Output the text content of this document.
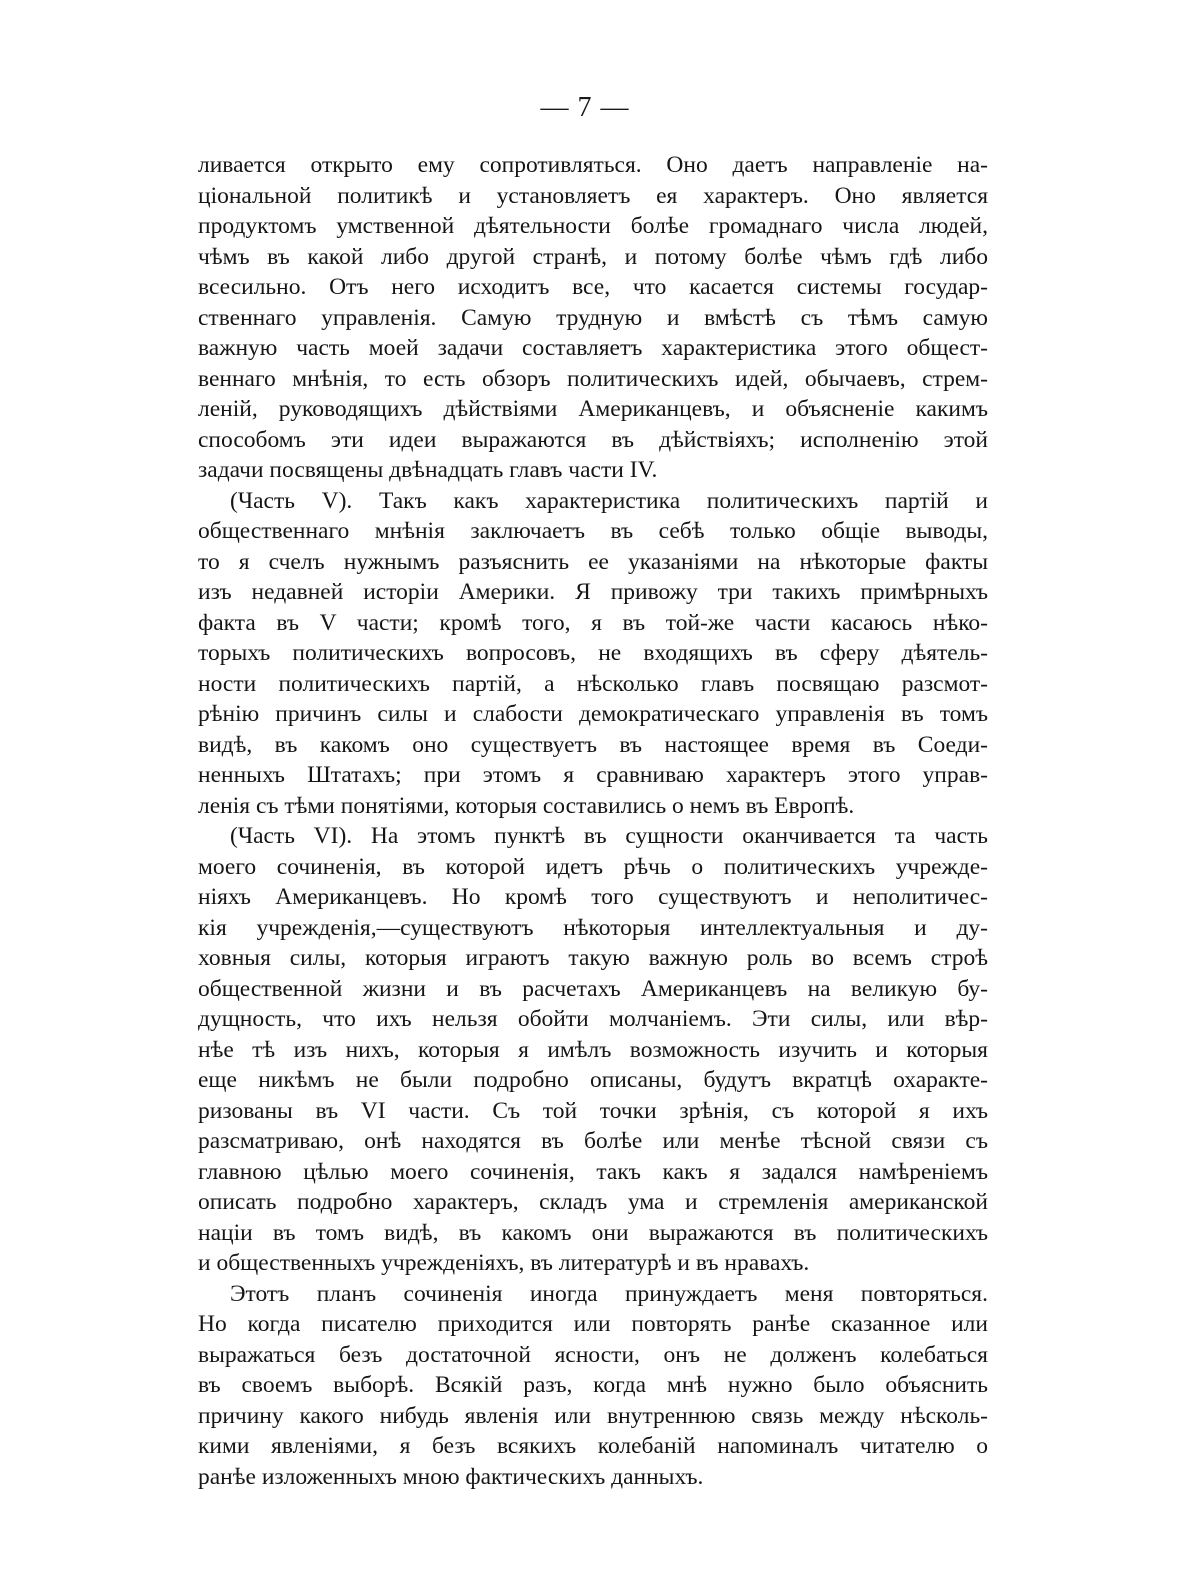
— 7 —
ливается открыто ему сопротивляться. Оно даетъ направленіе на-
ціональной политикѣ и установляетъ ея характеръ. Оно является
продуктомъ умственной дѣятельности болѣе громаднаго числа людей,
чѣмъ въ какой либо другой странѣ, и потому болѣе чѣмъ гдѣ либо
всесильно. Отъ него исходитъ все, что касается системы государ-
ственнаго управленія. Самую трудную и вмѣстѣ съ тѣмъ самую
важную часть моей задачи составляетъ характеристика этого общест-
веннаго мнѣнія, то есть обзоръ политическихъ идей, обычаевъ, стрем-
леній, руководящихъ дѣйствіями Американцевъ, и объясненіе какимъ
способомъ эти идеи выражаются въ дѣйствіяхъ; исполненію этой
задачи посвящены двѣнадцать главъ части IV.
(Часть V). Такъ какъ характеристика политическихъ партій и
общественнаго мнѣнія заключаетъ въ себѣ только общіе выводы,
то я счелъ нужнымъ разъяснить ее указаніями на нѣкоторые факты
изъ недавней исторіи Америки. Я привожу три такихъ примѣрныхъ
факта въ V части; кромѣ того, я въ той-же части касаюсь нѣко-
торыхъ политическихъ вопросовъ, не входящихъ въ сферу дѣятель-
ности политическихъ партій, а нѣсколько главъ посвящаю разсмот-
рѣнію причинъ силы и слабости демократическаго управленія въ томъ
видѣ, въ какомъ оно существуетъ въ настоящее время въ Соеди-
ненныхъ Штатахъ; при этомъ я сравниваю характеръ этого управ-
ленія съ тѣми понятіями, которыя составились о немъ въ Европѣ.
(Часть VI). На этомъ пунктѣ въ сущности оканчивается та часть
моего сочиненія, въ которой идетъ рѣчь о политическихъ учрежде-
ніяхъ Американцевъ. Но кромѣ того существуютъ и неполитичес-
кія учрежденія,—существуютъ нѣкоторыя интеллектуальныя и ду-
ховныя силы, которыя играютъ такую важную роль во всемъ строѣ
общественной жизни и въ расчетахъ Американцевъ на великую бу-
дущность, что ихъ нельзя обойти молчаніемъ. Эти силы, или вѣр-
нѣе тѣ изъ нихъ, которыя я имѣлъ возможность изучить и которыя
еще никѣмъ не были подробно описаны, будутъ вкратцѣ охаракте-
ризованы въ VI части. Съ той точки зрѣнія, съ которой я ихъ
разсматриваю, онѣ находятся въ болѣе или менѣе тѣсной связи съ
главною цѣлью моего сочиненія, такъ какъ я задался намѣреніемъ
описать подробно характеръ, складъ ума и стремленія американской
націи въ томъ видѣ, въ какомъ они выражаются въ политическихъ
и общественныхъ учрежденіяхъ, въ литературѣ и въ нравахъ.
Этотъ планъ сочиненія иногда принуждаетъ меня повторяться.
Но когда писателю приходится или повторять ранѣе сказанное или
выражаться безъ достаточной ясности, онъ не долженъ колебаться
въ своемъ выборѣ. Всякій разъ, когда мнѣ нужно было объяснить
причину какого нибудь явленія или внутреннюю связь между нѣсколь-
кими явленіями, я безъ всякихъ колебаній напоминалъ читателю о
ранѣе изложенныхъ мною фактическихъ данныхъ.
